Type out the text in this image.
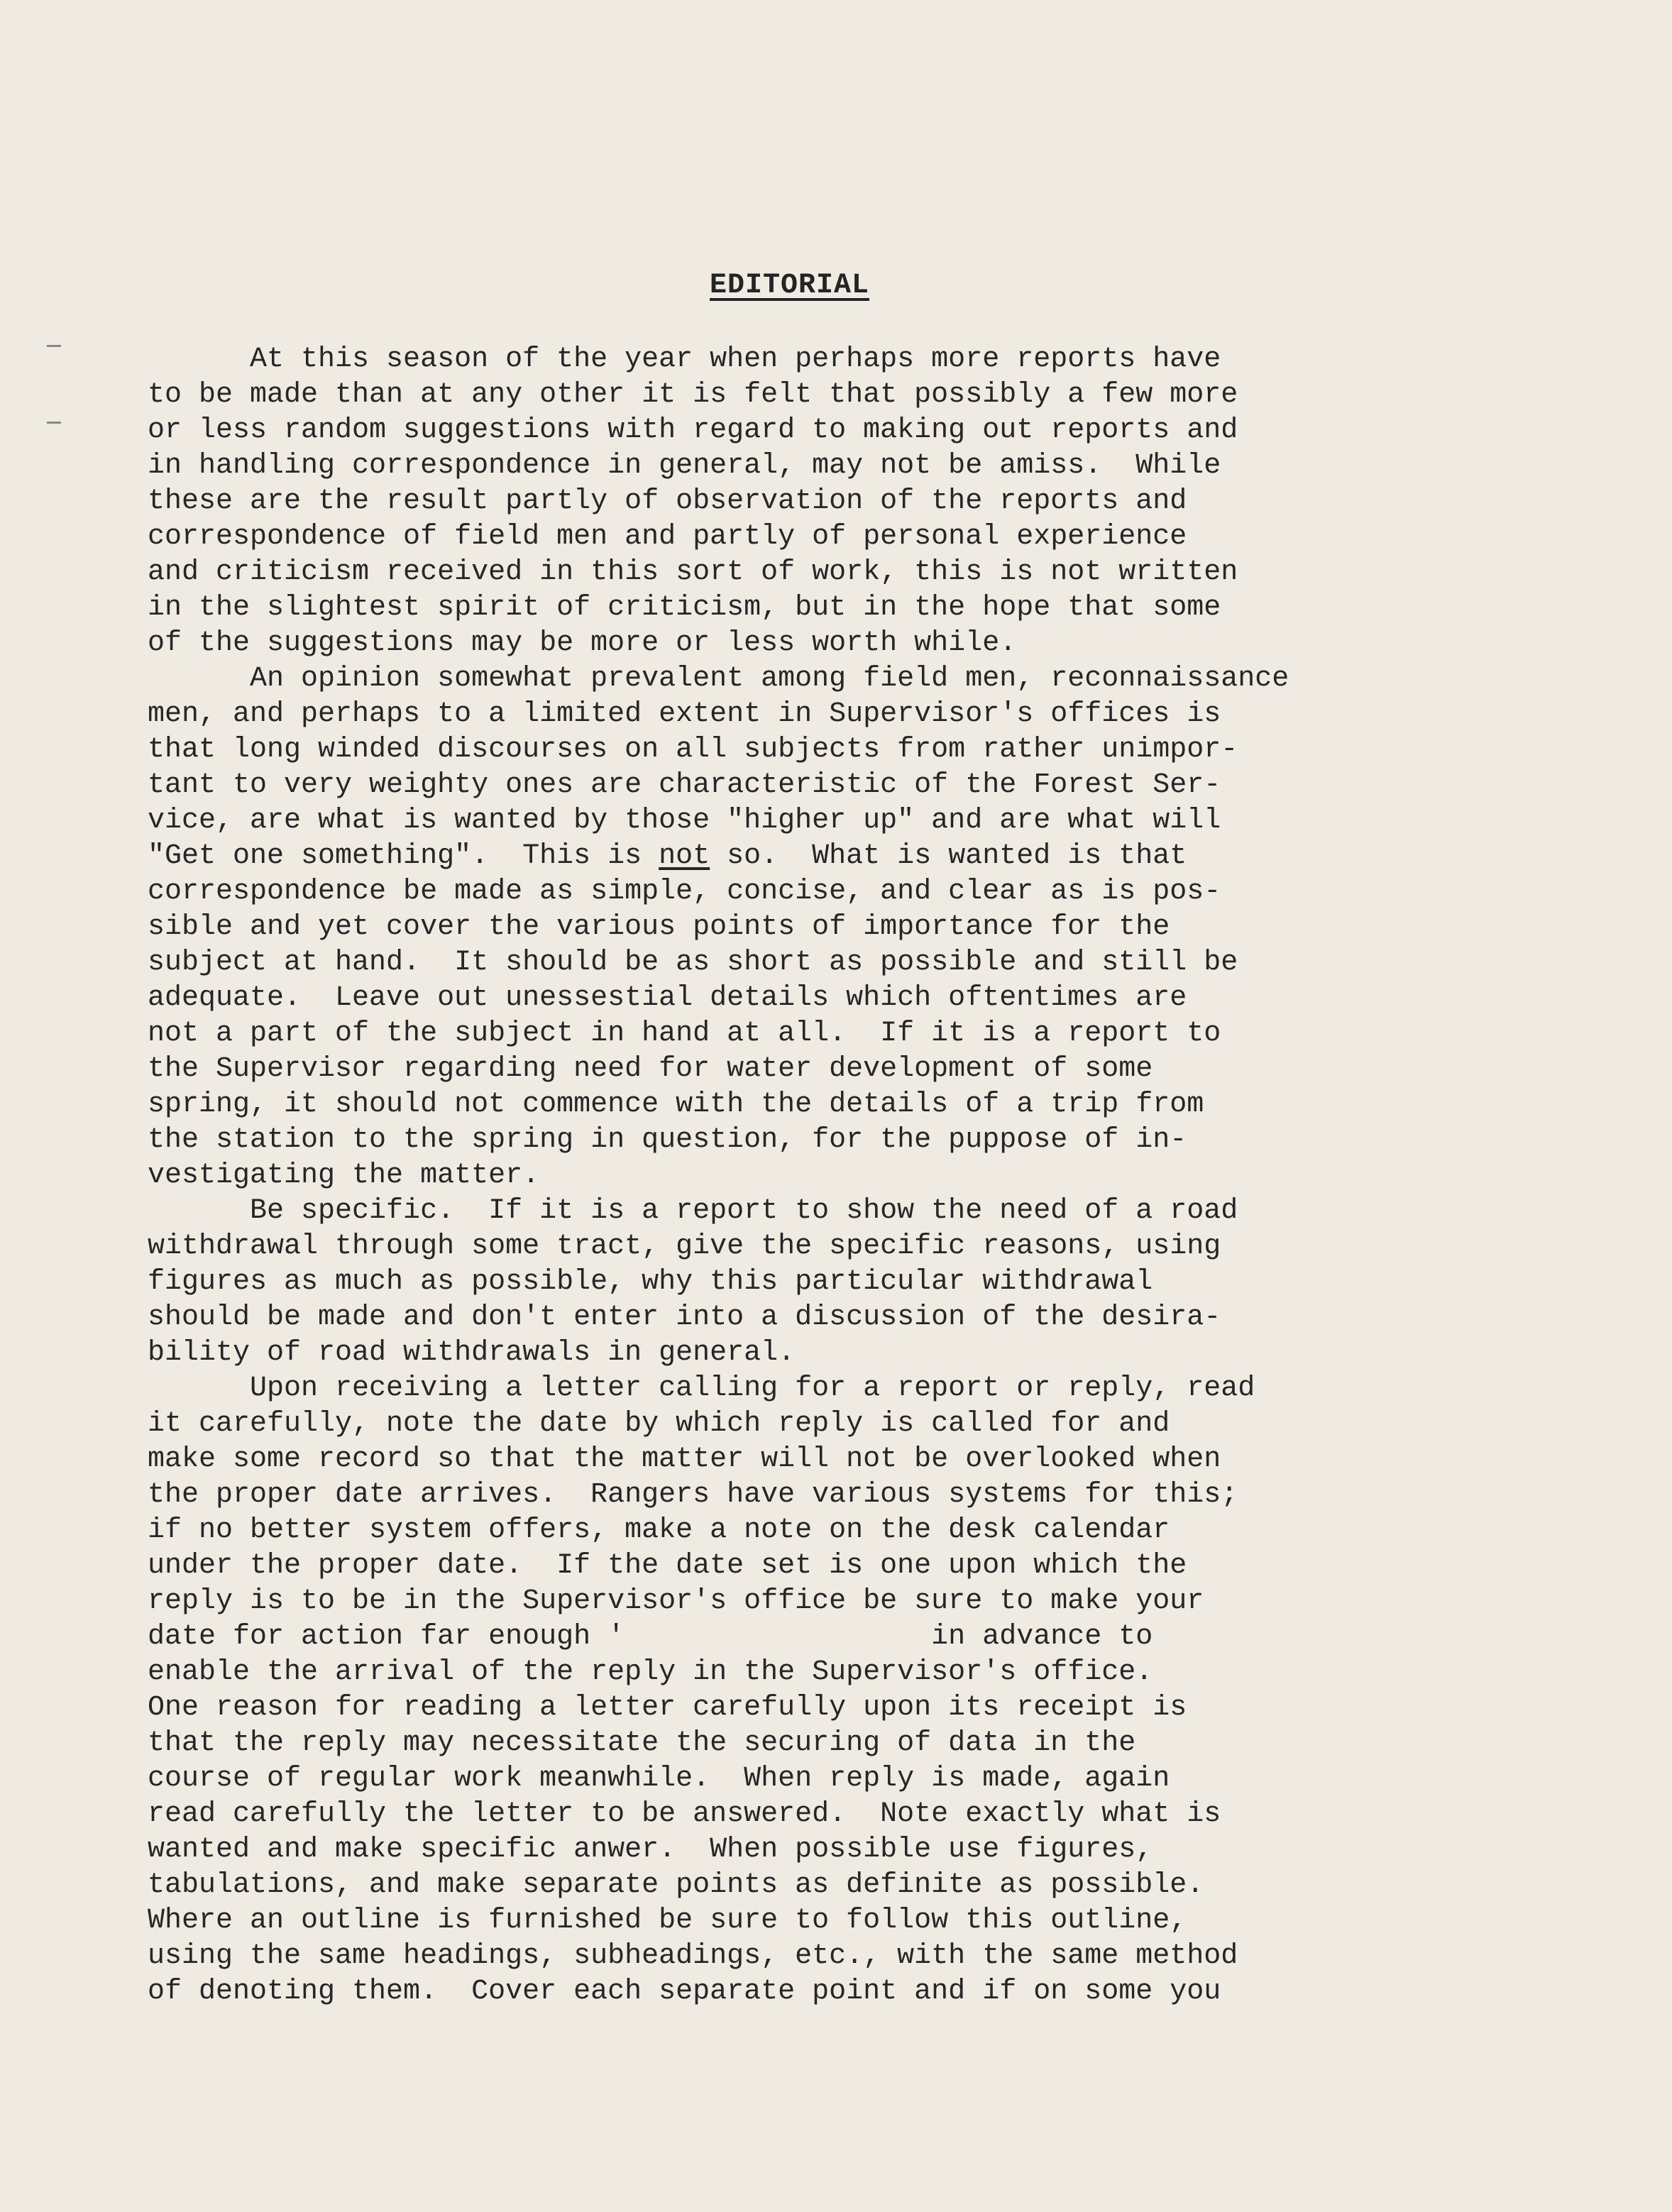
EDITORIAL
At this season of the year when perhaps more reports have
to be made than at any other it is felt that possibly a few more
or less random suggestions with regard to making out reports and
in handling correspondence in general, may not be amiss.  While
these are the result partly of observation of the reports and
correspondence of field men and partly of personal experience
and criticism received in this sort of work, this is not written
in the slightest spirit of criticism, but in the hope that some
of the suggestions may be more or less worth while.
An opinion somewhat prevalent among field men, reconnaissance
men, and perhaps to a limited extent in Supervisor's offices is
that long winded discourses on all subjects from rather unimpor-
tant to very weighty ones are characteristic of the Forest Ser-
vice, are what is wanted by those "higher up" and are what will
"Get one something".  This is not so.  What is wanted is that
correspondence be made as simple, concise, and clear as is pos-
sible and yet cover the various points of importance for the
subject at hand.  It should be as short as possible and still be
adequate.  Leave out unessestial details which oftentimes are
not a part of the subject in hand at all.  If it is a report to
the Supervisor regarding need for water development of some
spring, it should not commence with the details of a trip from
the station to the spring in question, for the puppose of in-
vestigating the matter.
Be specific.  If it is a report to show the need of a road
withdrawal through some tract, give the specific reasons, using
figures as much as possible, why this particular withdrawal
should be made and don't enter into a discussion of the desira-
bility of road withdrawals in general.
Upon receiving a letter calling for a report or reply, read
it carefully, note the date by which reply is called for and
make some record so that the matter will not be overlooked when
the proper date arrives.  Rangers have various systems for this;
if no better system offers, make a note on the desk calendar
under the proper date.  If the date set is one upon which the
reply is to be in the Supervisor's office be sure to make your
date for action far enough '                  in advance to
enable the arrival of the reply in the Supervisor's office.
One reason for reading a letter carefully upon its receipt is
that the reply may necessitate the securing of data in the
course of regular work meanwhile.  When reply is made, again
read carefully the letter to be answered.  Note exactly what is
wanted and make specific anwer.  When possible use figures,
tabulations, and make separate points as definite as possible.
Where an outline is furnished be sure to follow this outline,
using the same headings, subheadings, etc., with the same method
of denoting them.  Cover each separate point and if on some you
